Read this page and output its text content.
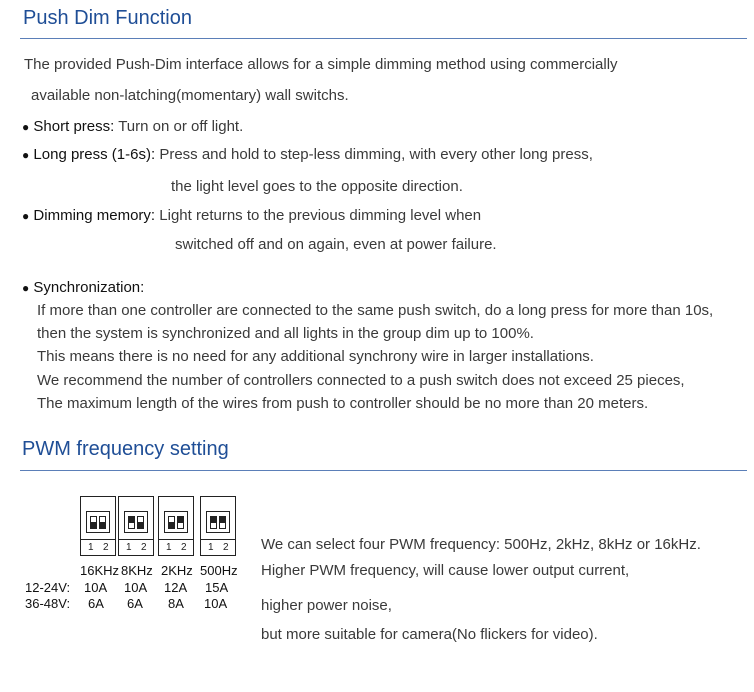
Push Dim Function
The provided Push-Dim interface allows for a simple dimming method using commercially
available non-latching(momentary) wall switchs.
● Short press: Turn on or off light.
● Long press (1-6s): Press and hold to step-less dimming, with every other long press,
the light level goes to the opposite direction.
● Dimming memory: Light returns to the previous dimming level when
switched off and on again, even at power failure.
● Synchronization:
If more than one controller are connected to the same push switch, do a long press for more than 10s,
then the system is synchronized and all lights in the group dim up to 100%.
This means there is no need for any additional synchrony wire in larger installations.
We recommend the number of controllers connected to a push switch does not exceed 25 pieces,
The maximum length of the wires from push to controller should be no more than 20 meters.
PWM frequency setting
1 2 1 2 1 2 1 2
16KHz 8KHz 2KHz 500Hz
12-24V: 10A 10A 12A 15A
36-48V: 6A 6A 8A 10A
We can select four PWM frequency: 500Hz, 2kHz, 8kHz or 16kHz.
Higher PWM frequency, will cause lower output current,
higher power noise,
but more suitable for camera(No flickers for video).
